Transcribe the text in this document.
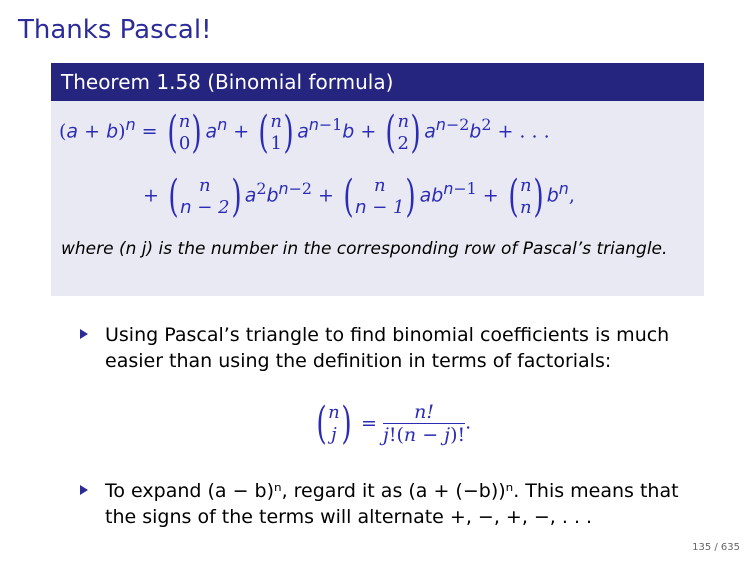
Thanks Pascal!
Theorem 1.58 (Binomial formula)
$(a + b)^n$ = ( n
0 ) $a^n$ + ( n
1 ) $a^{n-1}b$ + ( n
2 ) $a^{n-2}b^2$ + . . .
+ ( n
n − 2 ) $a^2b^{n-2}$ + ( n
n − 1 ) $ab^{n-1}$ + ( n
n ) $b^n$,
where (n j) is the number in the corresponding row of Pascal’s triangle.
Using Pascal’s triangle to find binomial coefficients is much easier than using the definition in terms of factorials:
( n
j ) = $\frac{n!}{j!(n - j)!}$ .
To expand (a − b)ⁿ, regard it as (a + (−b))ⁿ. This means that the signs of the terms will alternate +, −, +, −, . . .
135 / 635
